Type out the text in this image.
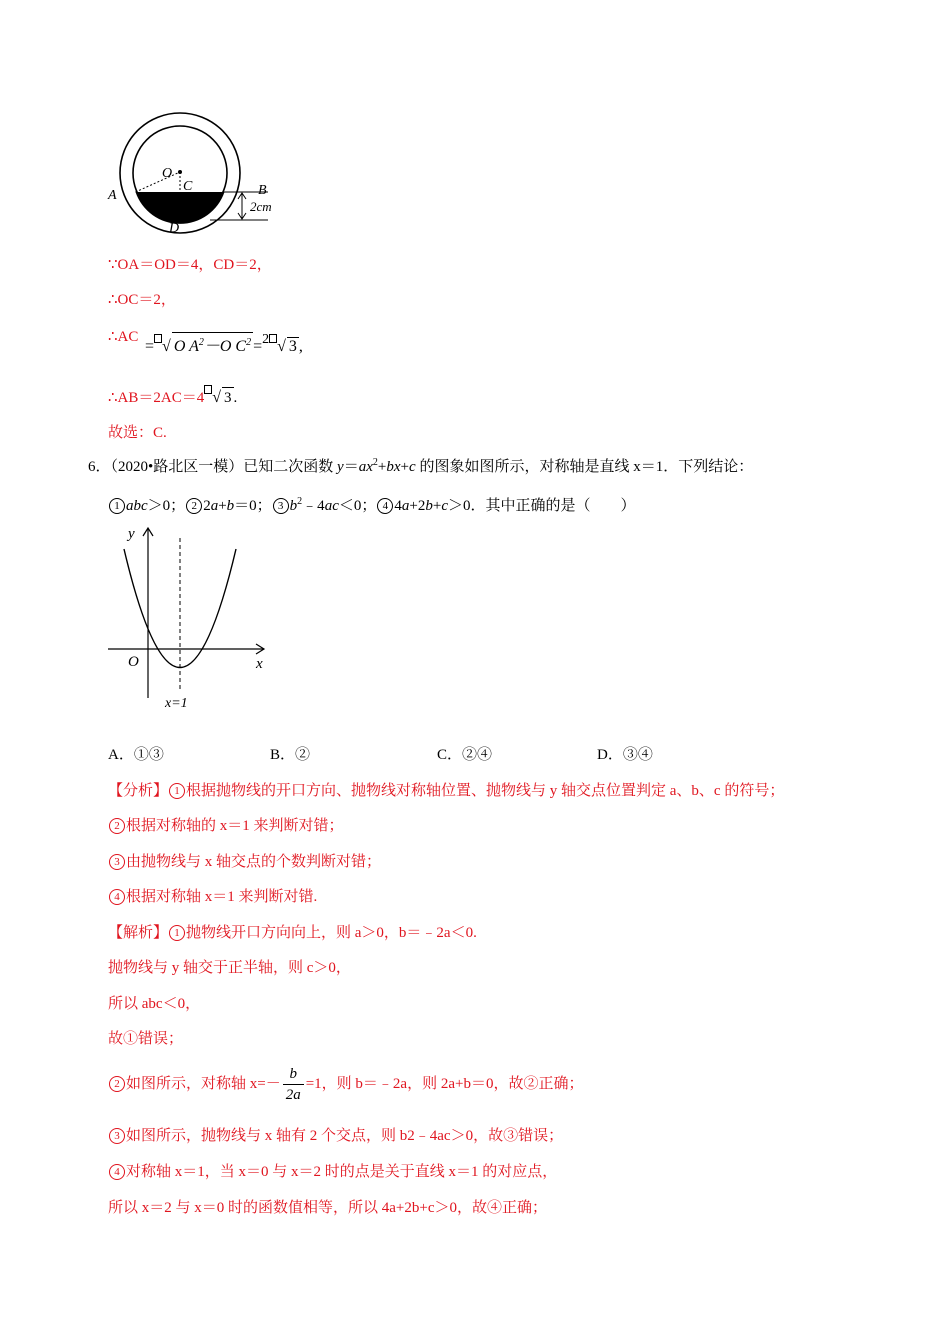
A	B
O
C
D
2cm
∵OA＝OD＝4，CD＝2，
∴OC＝2，
∴AC
= √ O $A^2-O$ $C^2 =^2$ √ 3 ,
∴AB＝2AC＝4 √ 3 .
故选：C.
6．（2020•路北区一模）已知二次函数 $y=ax^2+bx+c$ 的图象如图所示，对称轴是直线 x＝1．下列结论：
1 abc＞0； 2 2a+b＝0； 3 $b^2﹣4ac<0$； 4 4a+2b+c＞0．其中正确的是（　　）
y
x
O
x=1
A．①③	B．②	C．②④	D．③④
【分析】 1 根据抛物线的开口方向、抛物线对称轴位置、抛物线与 y 轴交点位置判定 a、b、c 的符号；
2 根据对称轴的 x＝1 来判断对错；
3 由抛物线与 x 轴交点的个数判断对错；
4 根据对称轴 x＝1 来判断对错.
【解析】 1 抛物线开口方向向上，则 a＞0，b＝﹣2a＜0.
抛物线与 y 轴交于正半轴，则 c＞0，
所以 abc＜0，
故①错误；
2 如图所示，对称轴 $x=- \frac{b}{2a} =1$，则 b＝﹣2a，则 2a+b＝0，故②正确；
3 如图所示，抛物线与 x 轴有 2 个交点，则 b2﹣4ac＞0，故③错误；
4 对称轴 x＝1，当 x＝0 与 x＝2 时的点是关于直线 x＝1 的对应点，
所以 x＝2 与 x＝0 时的函数值相等，所以 4a+2b+c＞0，故④正确；
